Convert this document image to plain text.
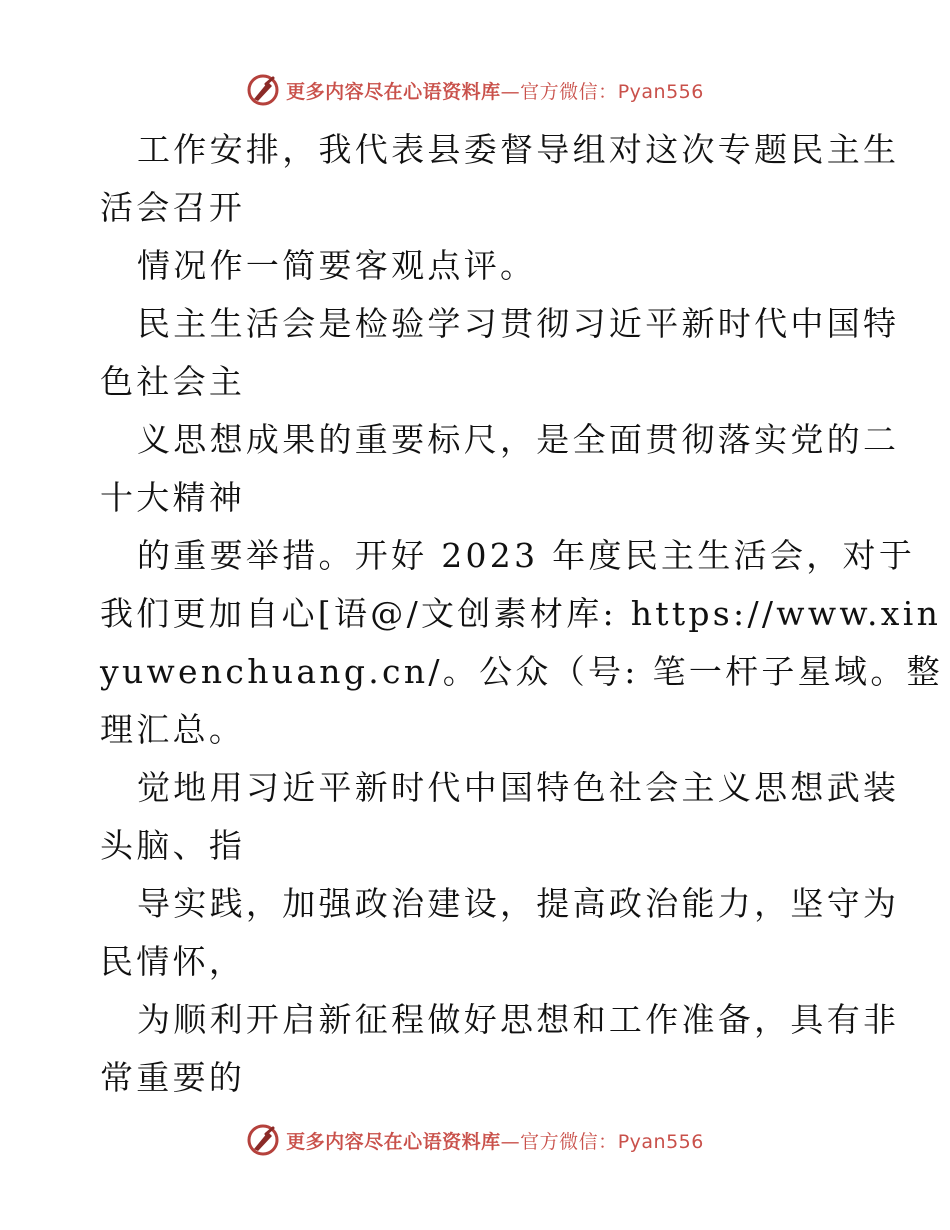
更多内容尽在心语资料库—官方微信：Pyan556
工作安排，我代表县委督导组对这次专题民主生
活会召开
情况作一简要客观点评。
民主生活会是检验学习贯彻习近平新时代中国特
色社会主
义思想成果的重要标尺，是全面贯彻落实党的二
十大精神
的重要举措。开好 2023 年度民主生活会，对于
我们更加自心[语@/文创素材库: https://www.xin
yuwenchuang.cn/。公众（号: 笔一杆子星域。整
理汇总。
觉地用习近平新时代中国特色社会主义思想武装
头脑、指
导实践，加强政治建设，提高政治能力，坚守为
民情怀，
为顺利开启新征程做好思想和工作准备，具有非
常重要的
更多内容尽在心语资料库—官方微信：Pyan556
